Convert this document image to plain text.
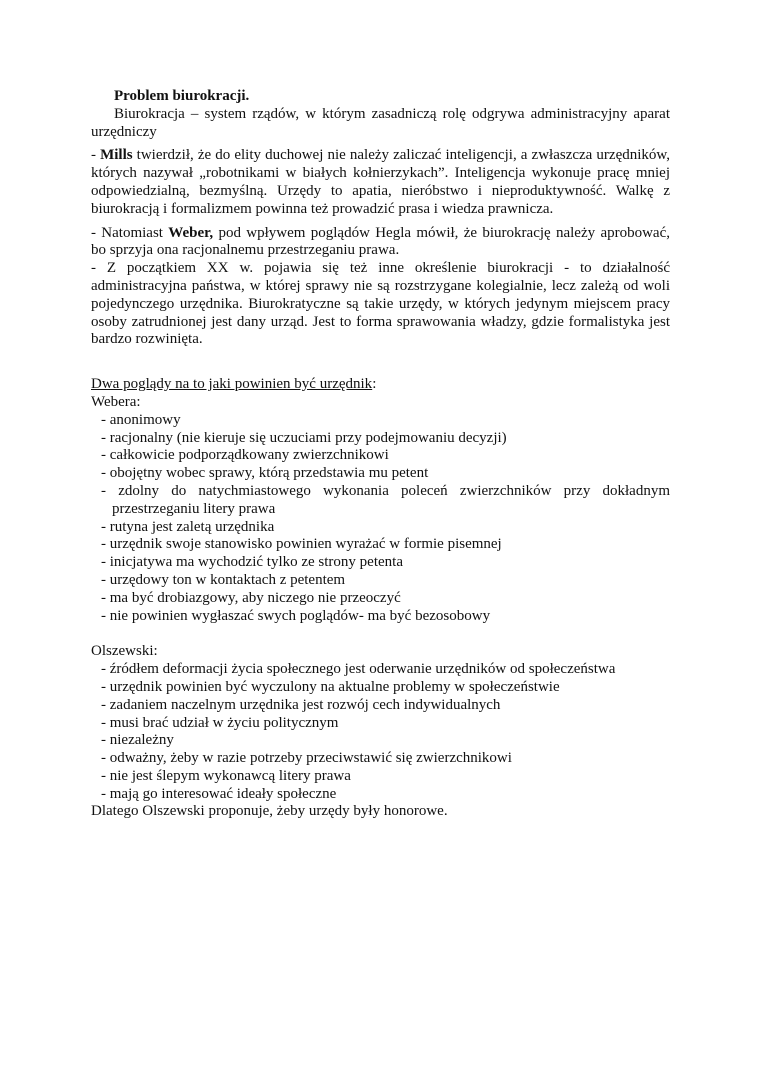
Problem biurokracji.

Biurokracja – system rządów, w którym zasadniczą rolę odgrywa administracyjny aparat urzędniczy

- Mills twierdził, że do elity duchowej nie należy zaliczać inteligencji, a zwłaszcza urzędników, których nazywał „robotnikami w białych kołnierzykach”. Inteligencja wykonuje pracę mniej odpowiedzialną, bezmyślną. Urzędy to apatia, nieróbstwo i nieproduktywność. Walkę z biurokracją i formalizmem powinna też prowadzić prasa i wiedza prawnicza.

- Natomiast Weber, pod wpływem poglądów Hegla mówił, że biurokrację należy aprobować, bo sprzyja ona racjonalnemu przestrzeganiu prawa.

- Z początkiem XX w. pojawia się też inne określenie biurokracji - to działalność administracyjna państwa, w której sprawy nie są rozstrzygane kolegialnie, lecz zależą od woli pojedynczego urzędnika. Biurokratyczne są takie urzędy, w których jedynym miejscem pracy osoby zatrudnionej jest dany urząd. Jest to forma sprawowania władzy, gdzie formalistyka jest bardzo rozwinięta.

Dwa poglądy na to jaki powinien być urzędnik:

Webera:

- anonimowy
- racjonalny (nie kieruje się uczuciami przy podejmowaniu decyzji)
- całkowicie podporządkowany zwierzchnikowi
- obojętny wobec sprawy, którą przedstawia mu petent
- zdolny do natychmiastowego wykonania poleceń zwierzchników przy dokładnym przestrzeganiu litery prawa
- rutyna jest zaletą urzędnika
- urzędnik swoje stanowisko powinien wyrażać w formie pisemnej
- inicjatywa ma wychodzić tylko ze strony petenta
- urzędowy ton w kontaktach z petentem
- ma być drobiazgowy, aby niczego nie przeoczyć
- nie powinien wygłaszać swych poglądów- ma być bezosobowy

Olszewski:

- źródłem deformacji życia społecznego jest oderwanie urzędników od społeczeństwa
- urzędnik powinien być wyczulony na aktualne problemy w społeczeństwie
- zadaniem naczelnym urzędnika jest rozwój cech indywidualnych
- musi brać udział w życiu politycznym
- niezależny
- odważny, żeby w razie potrzeby przeciwstawić się zwierzchnikowi
- nie jest ślepym wykonawcą litery prawa
- mają go interesować ideały społeczne

Dlatego Olszewski proponuje, żeby urzędy były honorowe.
